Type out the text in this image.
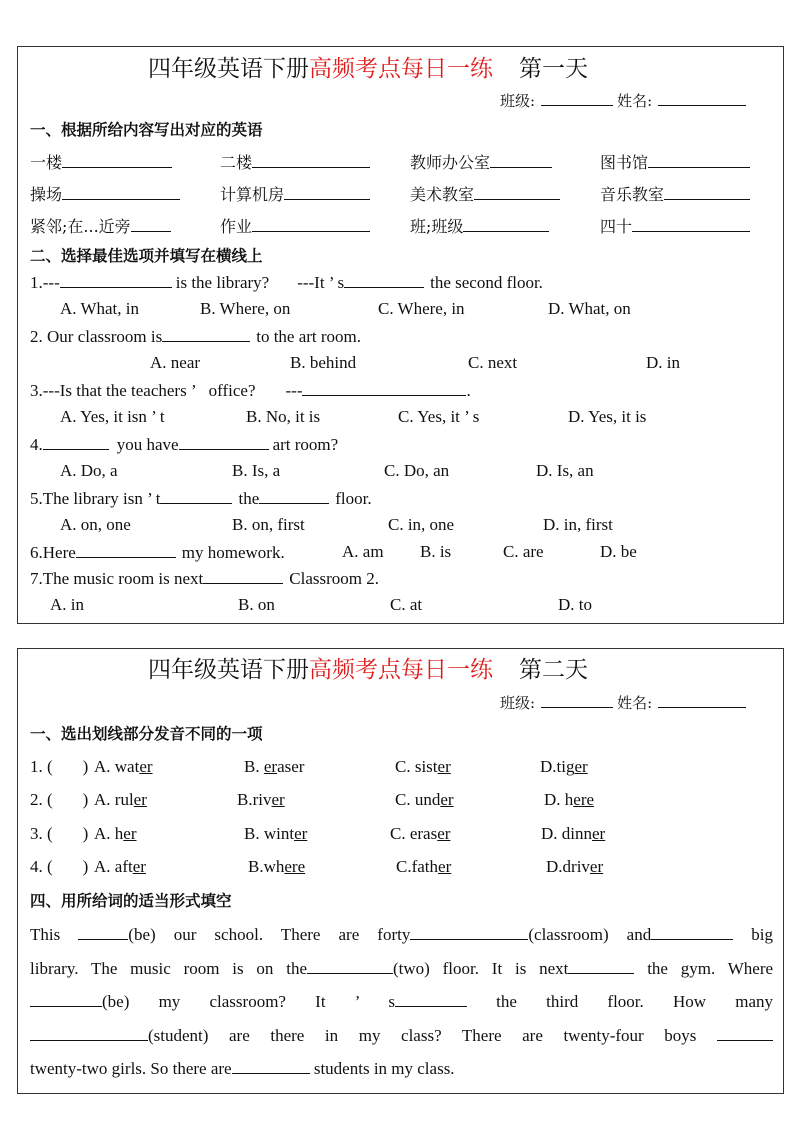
四年级英语下册高频考点每日一练 第一天
班级:	姓名:
一、根据所给内容写出对应的英语
一楼	二楼	教师办公室	图书馆
操场	计算机房	美术教室	音乐教室
紧邻;在...近旁	作业	班;班级	四十
二、选择最佳选项并填写在横线上
1.---	is the library? ---It ’ s	the second floor.
A. What, in	B. Where, on	C. Where, in	D. What, on
2. Our classroom is	to the art room.
A. near	B. behind	C. next	D. in
3.---Is that the teachers ’ office? ---	.
A. Yes, it isn ’ t	B. No, it is	C. Yes, it ’ s	D. Yes, it is
4.	you have	art room?
A. Do, a	B. Is, a	C. Do, an	D. Is, an
5.The library isn ’ t	the	floor.
A. on, one	B. on, first	C. in, one	D. in, first
6.Here	my homework.	A. am B. is	C. are	D. be
7.The music room is next	Classroom 2.
A. in	B. on	C. at	D. to
四年级英语下册高频考点每日一练 第二天
班级:	姓名:
一、选出划线部分发音不同的一项
1. ( ) A. water	B. eraser	C. sister	D.tiger
2. ( ) A. ruler	B.river	C. under	D. here
3. ( ) A. her	B. winter	C. eraser	D. dinner
4. ( ) A. after	B.where	C.father	D.driver
四、用所给词的适当形式填空
This	(be) our school. There are forty	(classroom) and	big
library. The music room is on the	(two) floor. It is next	the gym. Where
(be) my classroom? It ’ s	the third floor. How many
(student) are there in my class? There are twenty-four boys
twenty-two girls. So there are	students in my class.
